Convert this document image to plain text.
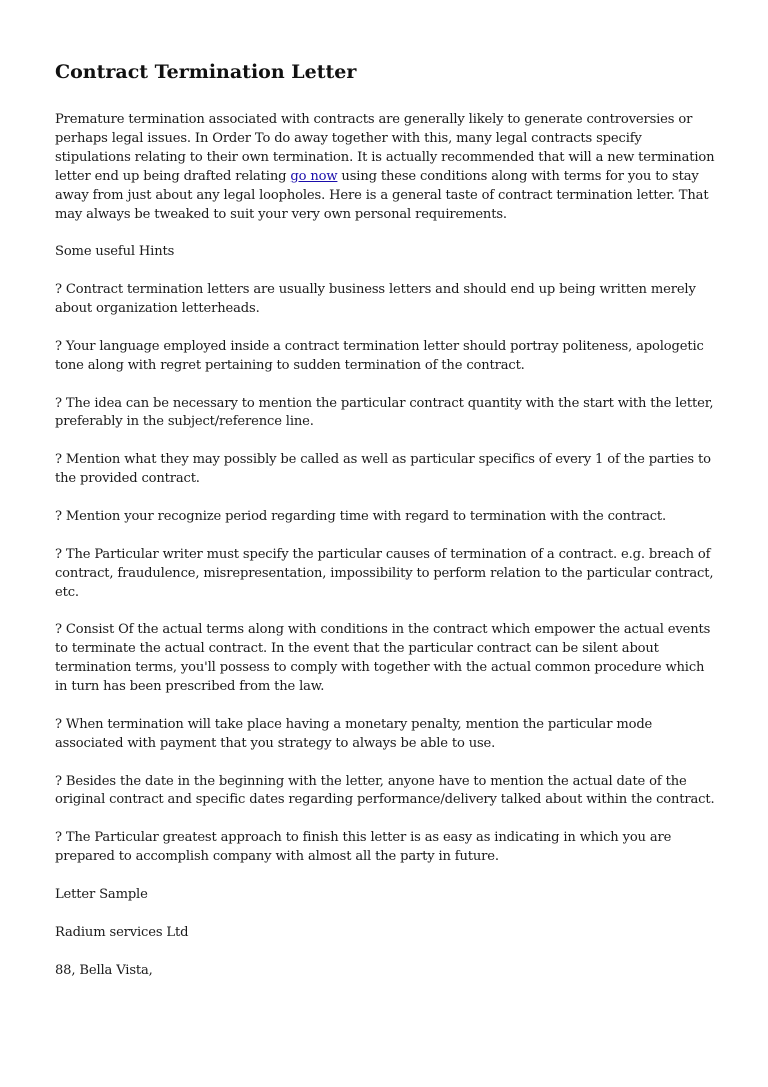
Contract Termination Letter

Premature termination associated with contracts are generally likely to generate controversies or perhaps legal issues. In Order To do away together with this, many legal contracts specify stipulations relating to their own termination. It is actually recommended that will a new termination letter end up being drafted relating go now using these conditions along with terms for you to stay away from just about any legal loopholes. Here is a general taste of contract termination letter. That may always be tweaked to suit your very own personal requirements.

Some useful Hints

? Contract termination letters are usually business letters and should end up being written merely about organization letterheads.

? Your language employed inside a contract termination letter should portray politeness, apologetic tone along with regret pertaining to sudden termination of the contract.

? The idea can be necessary to mention the particular contract quantity with the start with the letter, preferably in the subject/reference line.

? Mention what they may possibly be called as well as particular specifics of every 1 of the parties to the provided contract.

? Mention your recognize period regarding time with regard to termination with the contract.

? The Particular writer must specify the particular causes of termination of a contract. e.g. breach of contract, fraudulence, misrepresentation, impossibility to perform relation to the particular contract, etc.

? Consist Of the actual terms along with conditions in the contract which empower the actual events to terminate the actual contract. In the event that the particular contract can be silent about termination terms, you'll possess to comply with together with the actual common procedure which in turn has been prescribed from the law.

? When termination will take place having a monetary penalty, mention the particular mode associated with payment that you strategy to always be able to use.

? Besides the date in the beginning with the letter, anyone have to mention the actual date of the original contract and specific dates regarding performance/delivery talked about within the contract.

? The Particular greatest approach to finish this letter is as easy as indicating in which you are prepared to accomplish company with almost all the party in future.

Letter Sample

Radium services Ltd

88, Bella Vista,
